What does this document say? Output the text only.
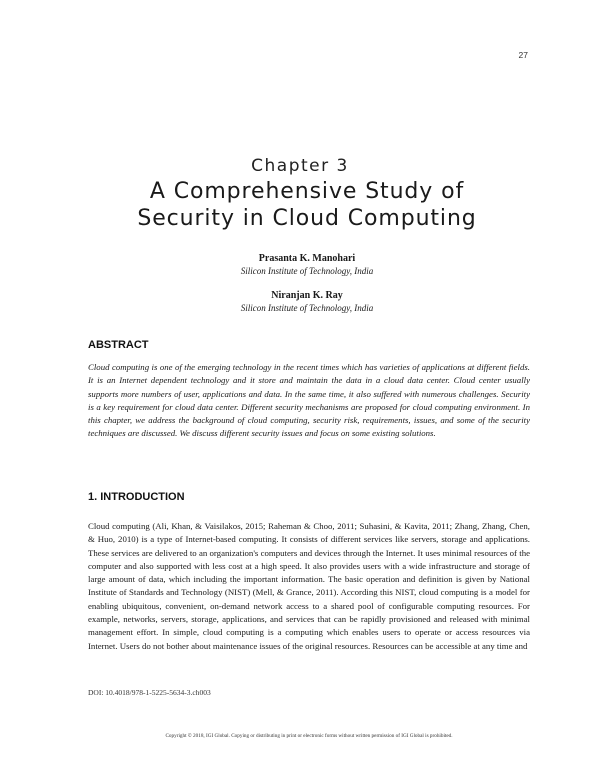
27
Chapter 3
A Comprehensive Study of
Security in Cloud Computing
Prasanta K. Manohari
Silicon Institute of Technology, India
Niranjan K. Ray
Silicon Institute of Technology, India
ABSTRACT

Cloud computing is one of the emerging technology in the recent times which has varieties of applications at different fields. It is an Internet dependent technology and it store and maintain the data in a cloud data center. Cloud center usually supports more numbers of user, applications and data. In the same time, it also suffered with numerous challenges. Security is a key requirement for cloud data center. Different security mechanisms are proposed for cloud computing environment. In this chapter, we address the background of cloud computing, security risk, requirements, issues, and some of the security techniques are discussed. We discuss different security issues and focus on some existing solutions.

1. INTRODUCTION

Cloud computing (Ali, Khan, & Vaisilakos, 2015; Raheman & Choo, 2011; Suhasini, & Kavita, 2011; Zhang, Zhang, Chen, & Huo, 2010) is a type of Internet-based computing. It consists of different services like servers, storage and applications. These services are delivered to an organization's computers and devices through the Internet. It uses minimal resources of the computer and also supported with less cost at a high speed. It also provides users with a wide infrastructure and storage of large amount of data, which including the important information. The basic operation and definition is given by National Institute of Standards and Technology (NIST) (Mell, & Grance, 2011). According this NIST, cloud computing is a model for enabling ubiquitous, convenient, on-demand network access to a shared pool of configurable computing resources. For example, networks, servers, storage, applications, and services that can be rapidly provisioned and released with minimal management effort. In simple, cloud computing is a computing which enables users to operate or access resources via Internet. Users do not bother about maintenance issues of the original resources. Resources can be accessible at any time and

DOI: 10.4018/978-1-5225-5634-3.ch003
Copyright © 2018, IGI Global. Copying or distributing in print or electronic forms without written permission of IGI Global is prohibited.
